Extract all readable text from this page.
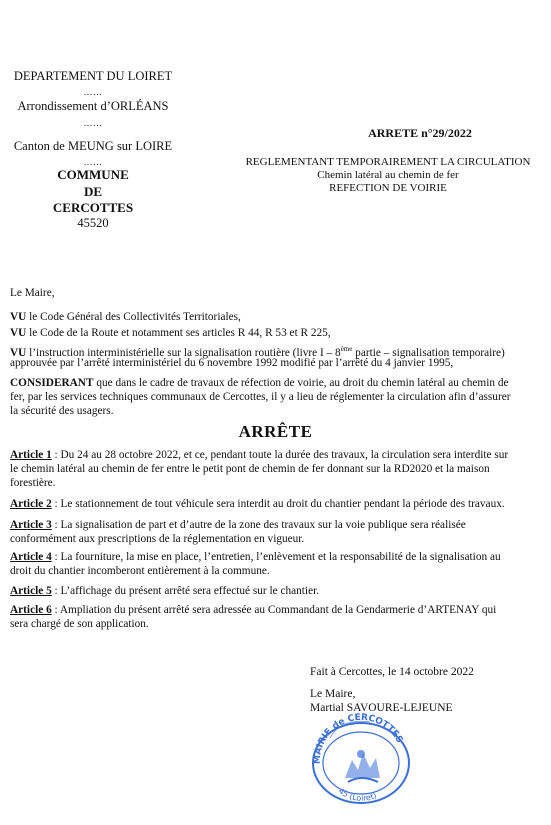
DEPARTEMENT DU LOIRET
……
Arrondissement d’ORLÉANS
……
Canton de MEUNG sur LOIRE
……
COMMUNE
DE
CERCOTTES
45520
ARRETE n°29/2022
REGLEMENTANT TEMPORAIREMENT LA CIRCULATION
Chemin latéral au chemin de fer
REFECTION DE VOIRIE
Le Maire,
VU le Code Général des Collectivités Territoriales,
VU le Code de la Route et notamment ses articles R 44, R 53 et R 225,
VU l’instruction interministérielle sur la signalisation routière (livre I – 8ème partie – signalisation temporaire)
approuvée par l’arrêté interministériel du 6 novembre 1992 modifié par l’arrêté du 4 janvier 1995,
CONSIDERANT que dans le cadre de travaux de réfection de voirie, au droit du chemin latéral au chemin de
fer, par les services techniques communaux de Cercottes, il y a lieu de réglementer la circulation afin d’assurer
la sécurité des usagers.
ARRÊTE
Article 1 : Du 24 au 28 octobre 2022, et ce, pendant toute la durée des travaux, la circulation sera interdite sur
le chemin latéral au chemin de fer entre le petit pont de chemin de fer donnant sur la RD2020 et la maison
forestière.
Article 2 : Le stationnement de tout véhicule sera interdit au droit du chantier pendant la période des travaux.
Article 3 : La signalisation de part et d’autre de la zone des travaux sur la voie publique sera réalisée
conformément aux prescriptions de la réglementation en vigueur.
Article 4 : La fourniture, la mise en place, l’entretien, l’enlèvement et la responsabilité de la signalisation au
droit du chantier incomberont entièrement à la commune.
Article 5 : L’affichage du présent arrêté sera effectué sur le chantier.
Article 6 : Ampliation du présent arrêté sera adressée au Commandant de la Gendarmerie d’ARTENAY qui
sera chargé de son application.
Fait à Cercottes, le 14 octobre 2022
Le Maire,
Martial SAVOURE-LEJEUNE
MAIRIE de CERCOTTES
45 (Loiret)
